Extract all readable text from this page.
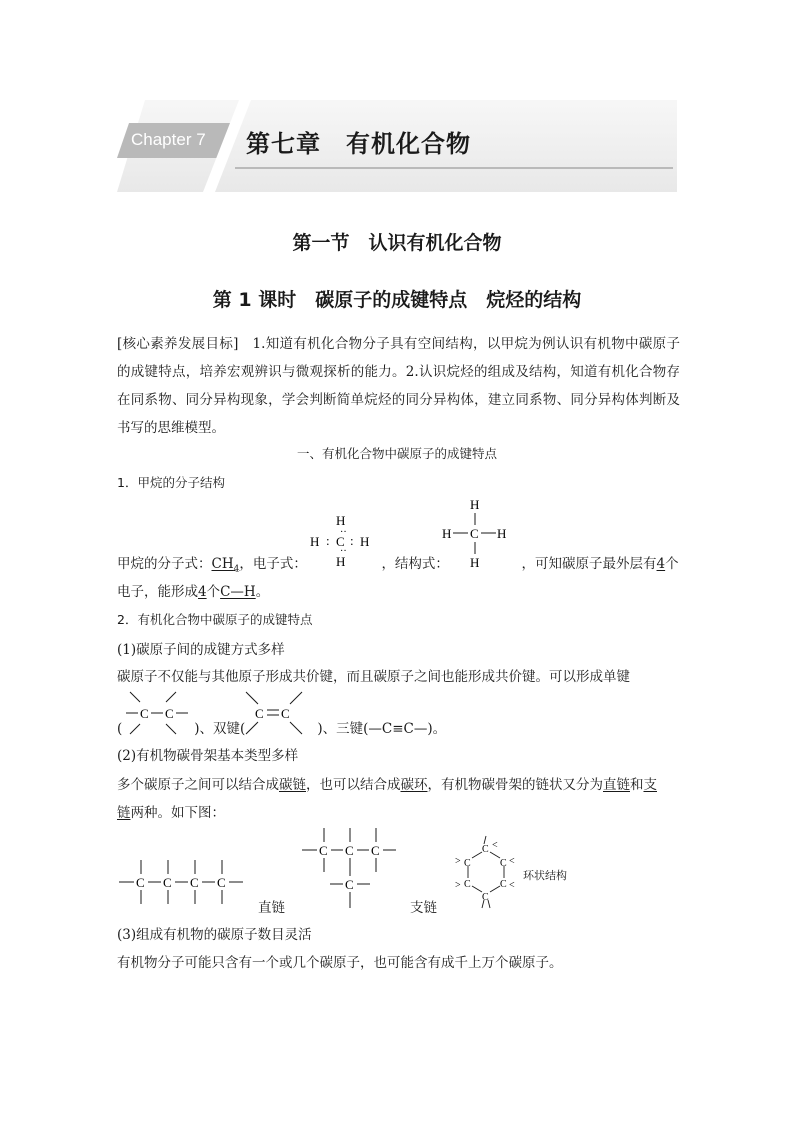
Chapter 7 第七章　有机化合物
第一节　认识有机化合物
第 1 课时　碳原子的成键特点　烷烃的结构
[核心素养发展目标]　1.知道有机化合物分子具有空间结构，以甲烷为例认识有机物中碳原子的成键特点，培养宏观辨识与微观探析的能力。2.认识烷烃的组成及结构，知道有机化合物存在同系物、同分异构现象，学会判断简单烷烃的同分异构体，建立同系物、同分异构体判断及书写的思维模型。
一、有机化合物中碳原子的成键特点
1．甲烷的分子结构
H
··
H : C : H
··
H
H
H C H
H
甲烷的分子式：$CH_4$，电子式：	，结构式：	，可知碳原子最外层有4个
电子，能形成4个C—H。
2．有机化合物中碳原子的成键特点
(1)碳原子间的成键方式多样
碳原子不仅能与其他原子形成共价键，而且碳原子之间也能形成共价键。可以形成单键
C C	C C
(	)、双键(	)、三键(—C≡C—)。
(2)有机物碳骨架基本类型多样
多个碳原子之间可以结合成碳链，也可以结合成碳环，有机物碳骨架的链状又分为直链和支
链两种。如下图：
C C C C
直链
C C C
C
支链
C
C	C
C	C
C
>
>
<
<
<
环状结构
(3)组成有机物的碳原子数目灵活
有机物分子可能只含有一个或几个碳原子，也可能含有成千上万个碳原子。
